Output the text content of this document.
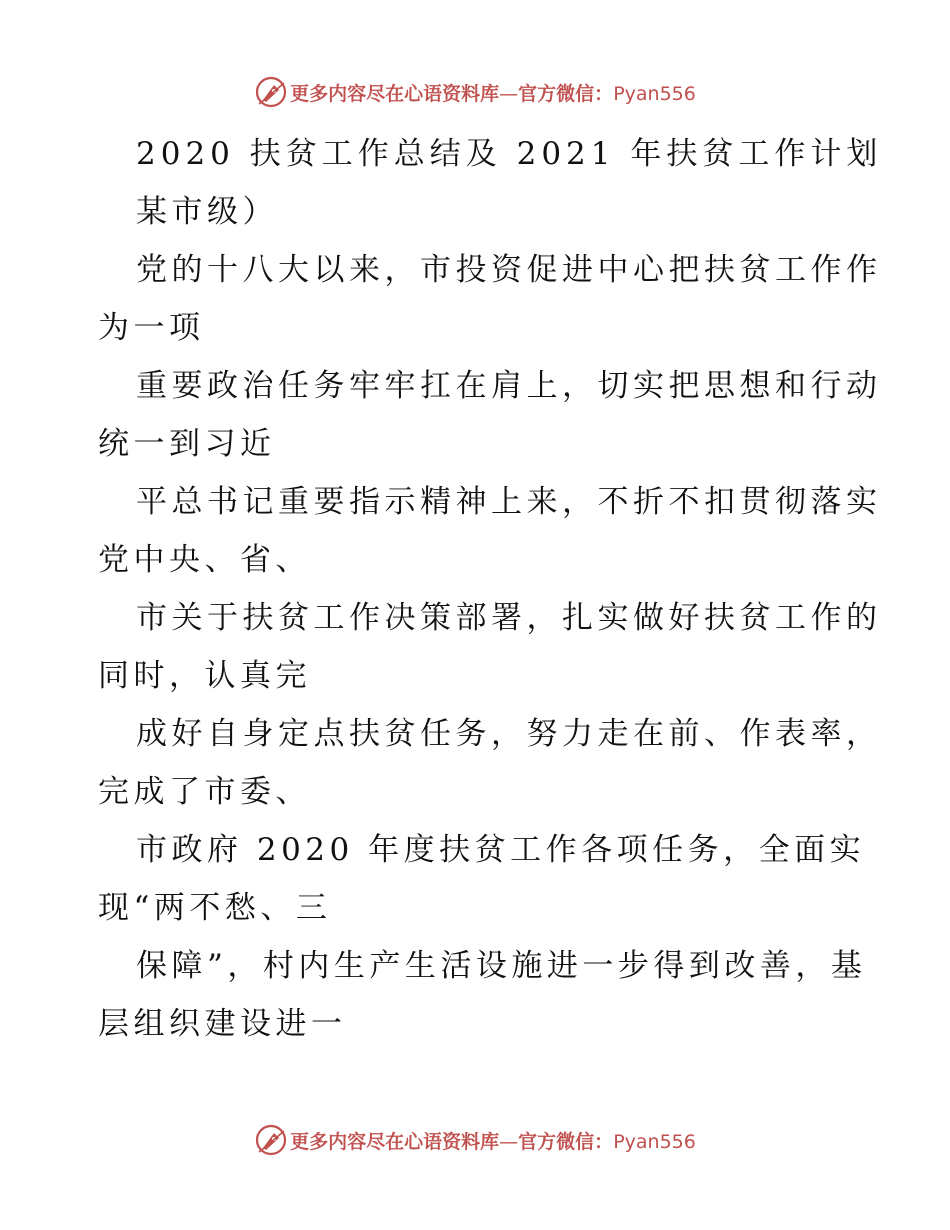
更多内容尽在心语资料库—官方微信：Pyan556
2020 扶贫工作总结及 2021 年扶贫工作计划
某市级）
党的十八大以来，市投资促进中心把扶贫工作作
为一项
重要政治任务牢牢扛在肩上，切实把思想和行动
统一到习近
平总书记重要指示精神上来，不折不扣贯彻落实
党中央、省、
市关于扶贫工作决策部署，扎实做好扶贫工作的
同时，认真完
成好自身定点扶贫任务，努力走在前、作表率，
完成了市委、
市政府 2020 年度扶贫工作各项任务，全面实
现“两不愁、三
保障”，村内生产生活设施进一步得到改善，基
层组织建设进一
更多内容尽在心语资料库—官方微信：Pyan556
